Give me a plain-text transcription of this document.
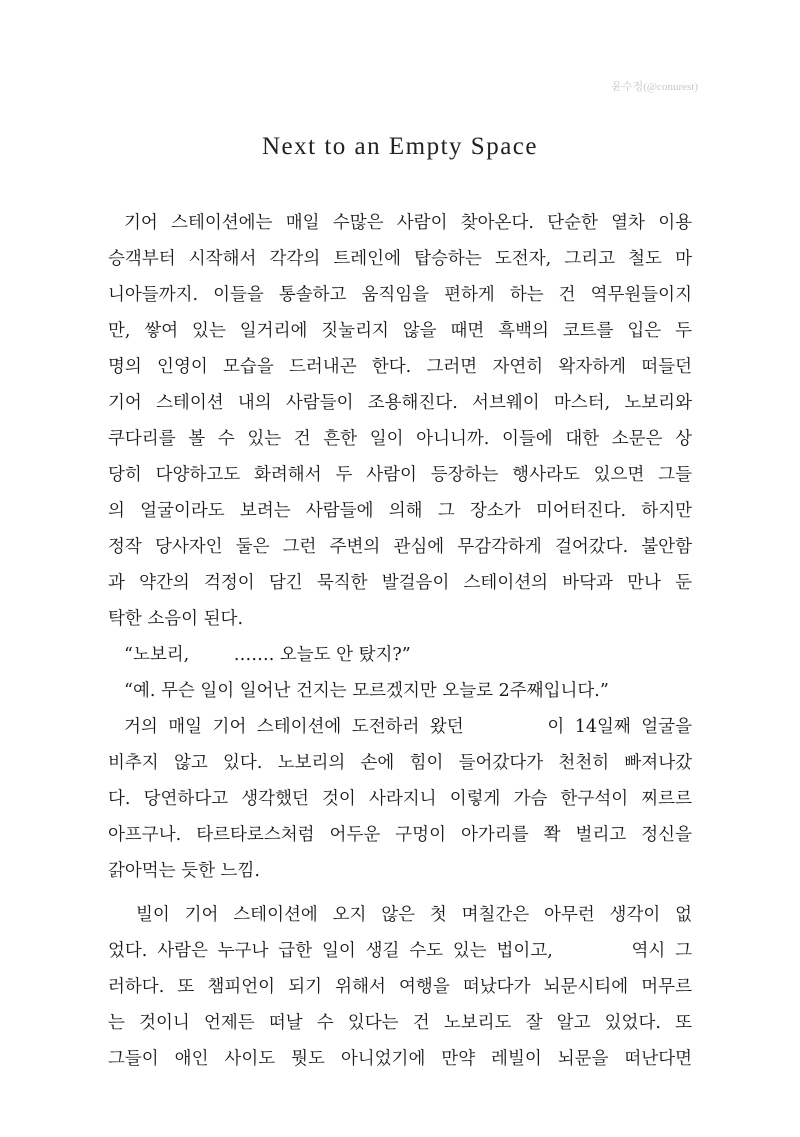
윤수정(@conurest)
Next to an Empty Space
기어 스테이션에는 매일 수많은 사람이 찾아온다. 단순한 열차 이용
승객부터 시작해서 각각의 트레인에 탑승하는 도전자, 그리고 철도 마
니아들까지. 이들을 통솔하고 움직임을 편하게 하는 건 역무원들이지
만, 쌓여 있는 일거리에 짓눌리지 않을 때면 흑백의 코트를 입은 두
명의 인영이 모습을 드러내곤 한다. 그러면 자연히 왁자하게 떠들던
기어 스테이션 내의 사람들이 조용해진다. 서브웨이 마스터, 노보리와
쿠다리를 볼 수 있는 건 흔한 일이 아니니까. 이들에 대한 소문은 상
당히 다양하고도 화려해서 두 사람이 등장하는 행사라도 있으면 그들
의 얼굴이라도 보려는 사람들에 의해 그 장소가 미어터진다. 하지만
정작 당사자인 둘은 그런 주변의 관심에 무감각하게 걸어갔다. 불안함
과 약간의 걱정이 담긴 묵직한 발걸음이 스테이션의 바닥과 만나 둔
탁한 소음이 된다.
“노보리,        ……. 오늘도 안 탔지?”
“예. 무슨 일이 일어난 건지는 모르겠지만 오늘로 2주째입니다.”
거의 매일 기어 스테이션에 도전하러 왔던        이 14일째 얼굴을
비추지 않고 있다. 노보리의 손에 힘이 들어갔다가 천천히 빠져나갔
다. 당연하다고 생각했던 것이 사라지니 이렇게 가슴 한구석이 찌르르
아프구나. 타르타로스처럼 어두운 구멍이 아가리를 쫙 벌리고 정신을
갉아먹는 듯한 느낌.
빌이 기어 스테이션에 오지 않은 첫 며칠간은 아무런 생각이 없
었다. 사람은 누구나 급한 일이 생길 수도 있는 법이고,        역시 그
러하다. 또 챔피언이 되기 위해서 여행을 떠났다가 뇌문시티에 머무르
는 것이니 언제든 떠날 수 있다는 건 노보리도 잘 알고 있었다. 또
그들이 애인 사이도 뭣도 아니었기에 만약 레빌이 뇌문을 떠난다면
